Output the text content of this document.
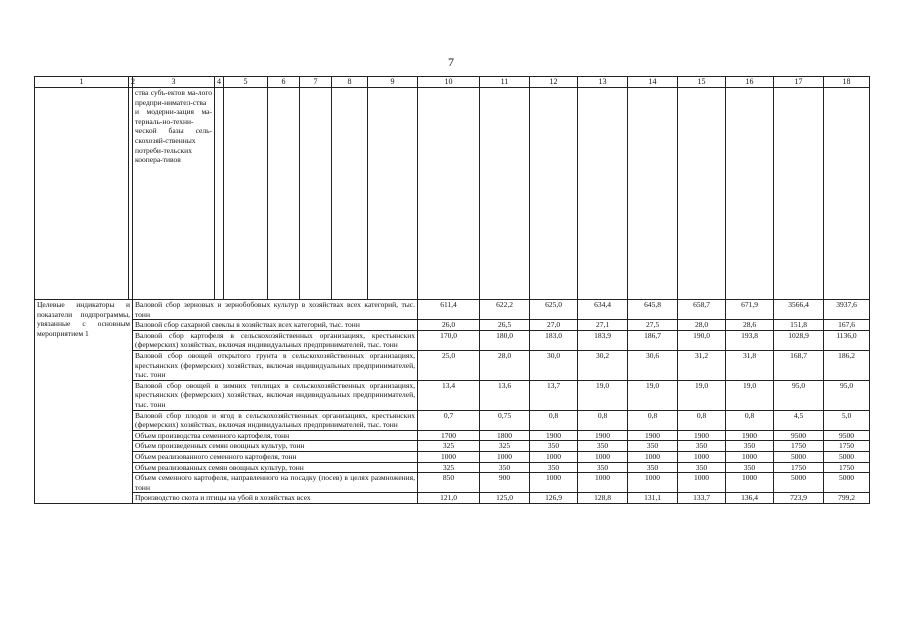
7
1	2	3	4	5	6	7	8	9	10	11	12	13	14	15	16	17	18
		ства субъ-ектов ма-лого предпри-нимател-ства и модерни-зация ма-териаль-но-техни-ческой базы сель-скохозяй-ственных потреби-тельских коопера-тивов															
Целевые индикаторы и показатели подпрограммы, увязанные с основным мероприятием 1		Валовой сбор зерновых и зернобобовых культур в хозяйствах всех категорий, тыс. тонн							611,4	622,2	625,0	634,4	645,8	658,7	671,9	3566,4	3937,6
		Валовой сбор сахарной свеклы в хозяйствах всех категорий, тыс. тонн							26,0	26,5	27,0	27,1	27,5	28,0	28,6	151,8	167,6
		Валовой сбор картофеля в сельскохозяйственных организациях, крестьянских (фермерских) хозяйствах, включая индивидуальных предпринимателей, тыс. тонн							170,0	180,0	183,0	183,9	186,7	190,0	193,8	1028,9	1136,0
		Валовой сбор овощей открытого грунта в сельскохозяйственных организациях, крестьянских (фермерских) хозяйствах, включая индивидуальных предпринимателей, тыс. тонн							25,0	28,0	30,0	30,2	30,6	31,2	31,8	168,7	186,2
		Валовой сбор овощей в зимних теплицах в сельскохозяйственных организациях, крестьянских (фермерских) хозяйствах, включая индивидуальных предпринимателей, тыс. тонн							13,4	13,6	13,7	19,0	19,0	19,0	19,0	95,0	95,0
		Валовой сбор плодов и ягод в сельскохозяйственных организациях, крестьянских (фермерских) хозяйствах, включая индивидуальных предпринимателей, тыс. тонн							0,7	0,75	0,8	0,8	0,8	0,8	0,8	4,5	5,0
		Объем производства семенного картофеля, тонн							1700	1800	1900	1900	1900	1900	1900	9500	9500
		Объем произведенных семян овощных культур, тонн							325	325	350	350	350	350	350	1750	1750
		Объем реализованного семенного картофеля, тонн							1000	1000	1000	1000	1000	1000	1000	5000	5000
		Объем реализованных семян овощных культур, тонн							325	350	350	350	350	350	350	1750	1750
		Объем семенного картофеля, направленного на посадку (посев) в целях размножения, тонн							850	900	1000	1000	1000	1000	1000	5000	5000
		Производство скота и птицы на убой в хозяйствах всех							121,0	125,0	126,9	128,8	131,1	133,7	136,4	723,9	799,2
